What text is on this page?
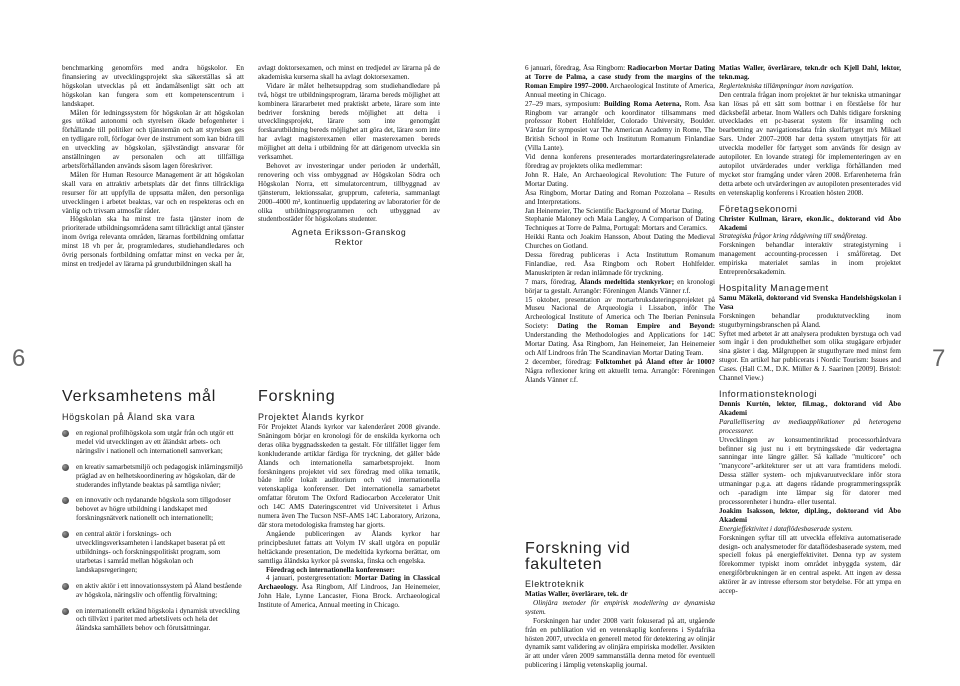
6	7

benchmarking genomförs med andra högskolor. En finansiering av utvecklingsprojekt ska säkerställas så att högskolan utvecklas på ett ändamålsenligt sätt och att högskolan kan fungera som ett kompetenscentrum i landskapet.

Målen för ledningssystem för högskolan är att högskolan ges utökad autonomi och styrelsen ökade befogenheter i förhållande till politiker och tjänstemän och att styrelsen ges en tydligare roll, förfogar över de instrument som kan bidra till en utveckling av högskolan, självständigt ansvarar för anställningen av personalen och att tillfälliga arbetsförhållanden används såsom lagen föreskriver.

Målen för Human Resource Management är att högskolan skall vara en attraktiv arbetsplats där det finns tillräckliga resurser för att uppfylla de uppsatta målen, den personliga utvecklingen i arbetet beaktas, var och en respekteras och en vänlig och trivsam atmosfär råder.

Högskolan ska ha minst tre fasta tjänster inom de prioriterade utbildningsområdena samt tillräckligt antal tjänster inom övriga relevanta områden, lärarnas fortbildning omfattar minst 18 vh per år, programledares, studiehandledares och övrig personals fortbildning omfattar minst en vecka per år, minst en tredjedel av lärarna på grundutbildningen skall ha

Verksamhetens mål
Högskolan på Åland ska vara
en regional profilhögskola som utgår från och utgör ett medel vid utvecklingen av ett åländskt arbets- och näringsliv i nationell och internationell samverkan;
en kreativ samarbetsmiljö och pedagogisk inlärningsmiljö präglad av en helhetskoordinering av högskolan, där de studerandes inflytande beaktas på samtliga nivåer;
en innovativ och nydanande högskola som tillgodoser behovet av högre utbildning i landskapet med forskningsnätverk nationellt och internationellt;
en central aktör i forsknings- och utvecklingsverksamheten i landskapet baserat på ett utbildnings- och forskningspolitiskt program, som utarbetas i samråd mellan högskolan och landskapsregeringen;
en aktiv aktör i ett innovationssystem på Åland bestående av högskola, näringsliv och offentlig förvaltning;
en internationellt erkänd högskola i dynamisk utveckling och tillväxt i paritet med arbetslivets och hela det åländska samhällets behov och förutsättningar.

avlagt doktorsexamen, och minst en tredjedel av lärarna på de akademiska kurserna skall ha avlagt doktorsexamen.

Vidare är målet helhetsuppdrag som studiehandledare på två, högst tre utbildningsprogram, lärarna bereds möjlighet att kombinera lärararbetet med praktiskt arbete, lärare som inte bedriver forskning bereds möjlighet att delta i utvecklingsprojekt, lärare som inte genomgått forskarutbildning bereds möjlighet att göra det, lärare som inte har avlagt magisterexamen eller masterexamen bereds möjlighet att delta i utbildning för att därigenom utveckla sin verksamhet.

Behovet av investeringar under perioden är underhåll, renovering och viss ombyggnad av Högskolan Södra och Högskolan Norra, ett simulatorcentrum, tillbyggnad av tjänsterum, lektionssalar, grupprum, cafeteria, sammanlagt 2000–4000 m², kontinuerlig uppdatering av laboratorier för de olika utbildningsprogrammen och utbyggnad av studentbostäder för högskolans studenter.

Agneta Eriksson-Granskog
Rektor
Forskning
Projektet Ålands kyrkor

För Projektet Ålands kyrkor var kalenderåret 2008 givande. Snäningom börjar en kronologi för de enskilda kyrkorna och deras olika byggnadsskeden ta gestalt. För tillfället ligger fem konkluderande artiklar färdiga för tryckning, det gäller både Ålands och internationella samarbetsprojekt. Inom forskningens projektet vid sex föredrag med olika tematik, både inför lokalt auditorium och vid internationella vetenskapliga konferenser. Det internationella samarbetet omfattar förutom The Oxford Radiocarbon Accelerator Unit och 14C AMS Dateringscentret vid Universitetet i Århus numera även The Tucson NSF-AMS 14C Laboratory, Arizona, där stora metodologiska framsteg har gjorts.

Angående publiceringen av Ålands kyrkor har principbeslutet fattats att Volym IV skall utgöra en populär heltäckande presentation, De medeltida kyrkorna berättar, om samtliga åländska kyrkor på svenska, finska och engelska.

Föredrag och internationella konferenser:

4 januari, postergresentation: Mortar Dating in Classical Archaeology. Åsa Ringbom, Alf Lindroos, Jan Heinemeier, John Hale, Lynne Lancaster, Fiona Brock. Archaeological Institute of America, Annual meeting in Chicago.

6 januari, föredrag, Åsa Ringbom: Radiocarbon Mortar Dating at Torre de Palma, a case study from the margins of the Roman Empire 1997–2000. Archaeological Institute of America, Annual meeting in Chicago.

27–29 mars, symposium: Building Roma Aeterna, Rom. Åsa Ringbom var arrangör och koordinator tillsammans med professor Robert Hohlfelder, Colorado University, Boulder. Värdar för symposiet var The American Academy in Rome, The British School in Rome och Institutum Romanum Finlandiae (Villa Lante).

Vid denna konferens presenterades mortardateringsrelaterade föredrag av projektets olika medlemmar:

John R. Hale, An Archaeological Revolution: The Future of Mortar Dating.

Åsa Ringbom, Mortar Dating and Roman Pozzolana – Results and Interpretations.

Jan Heinemeier, The Scientific Background of Mortar Dating.

Stephanie Maloney och Maia Langley, A Comparison of Dating Techniques at Torre de Palma, Portugal: Mortars and Ceramics.

Heikki Ranta och Joakim Hansson, About Dating the Medieval Churches on Gotland.

Dessa föredrag publiceras i Acta Instituttum Romanum Finlandiae, red. Åsa Ringbom och Robert Hohlfelder. Manuskripten är redan inlämnade för tryckning.

7 mars, föredrag, Ålands medeltida stenkyrkor; en kronologi börjar ta gestalt. Arrangör: Föreningen Ålands Vänner r.f.

15 oktober, presentation av mortarbruksdateringsprojektet på Museu Nacional de Arqueologia i Lissabon, inför The Archeological Institute of America och The Iberian Peninsula Society: Dating the Roman Empire and Beyond: Understanding the Methodologies and Applications for 14C Mortar Dating. Åsa Ringbom, Jan Heinemeier, Jan Heinemeier och Alf Lindroos från The Scandinavian Mortar Dating Team.

2 december, föredrag: Folktomhet på Åland efter år 1000? Några reflexioner kring ett aktuellt tema. Arrangör: Föreningen Ålands Vänner r.f.

Forskning vid fakulteten
Elektroteknik

Matias Waller, överlärare, tek. dr

Olinjära metoder för empirisk modellering av dynamiska system.

Forskningen har under 2008 varit fokuserad på att, utgående från en publikation vid en vetenskaplig konferens i Sydafrika hösten 2007, utveckla en generell metod för detektering av olinjär dynamik samt validering av olinjära empiriska modeller. Avsikten är att under våren 2009 sammanställa denna metod för eventuell publicering i lämplig vetenskaplig journal.

Matias Waller, överlärare, tekn.dr och Kjell Dahl, lektor, tekn.mag.

Reglertekniska tillämpningar inom navigation.

Den centrala frågan inom projektet är hur tekniska utmaningar kan lösas på ett sätt som bottnar i en förståelse för hur däcksbefäl arbetar. Inom Wallers och Dahls tidigare forskning utvecklades ett pc-baserat system för insamling och bearbetning av navigationsdata från skolfartyget m/s Mikael Sars. Under 2007–2008 har detta system utnyttjats för att utveckla modeller för fartyget som används för design av autopiloter. En lovande strategi för implementeringen av en autopilot utvärderades under verkliga förhållanden med mycket stor framgång under våren 2008. Erfarenheterna från detta arbete och utvärderingen av autopiloten presenterades vid en vetenskaplig konferens i Kroatien hösten 2008.

Företagsekonomi

Christer Kullman, lärare, ekon.lic., doktorand vid Åbo Akademi

Strategiska frågor kring rådgivning till småföretag.

Forskningen behandlar interaktiv strategistyrning i management accounting-processen i småföretag. Det empiriska materialet samlas in inom projektet Entreprenörsakademin.

Hospitality Management

Samu Mäkelä, doktorand vid Svenska Handelshögskolan i Vasa

Forskningen behandlar produktutveckling inom stugutbyrningsbranschen på Åland.

Syftet med arbetet är att analysera produkten byrstuga och vad som ingår i den produkthelhet som olika stugägare erbjuder sina gäster i dag. Målgruppen är stuguthyrare med minst fem stugor. En artikel har publicerats i Nordic Tourism: Issues and Cases. (Hall C.M., D.K. Müller & J. Saarinen [2009]. Bristol: Channel View.)

Informationsteknologi

Dennis Kurtén, lektor, fil.mag., doktorand vid Åbo Akademi

Parallellisering av mediaapplikationer på heterogena processorer.

Utvecklingen av konsumentinriktad processorhårdvara befinner sig just nu i ett brytningsskede där vedertagna sanningar inte längre gäller. Så kallade "multicore" och "manycore"-arkitekturer ser ut att vara framtidens melodi. Dessa ställer system- och mjukvaruutvecklare inför stora utmaningar p.g.a. att dagens rådande programmeringsspråk och -paradigm inte lämpar sig för datorer med processorenheter i hundra- eller tusental.

Joakim Isaksson, lektor, dipl.ing., doktorand vid Åbo Akademi

Energieffektivitet i dataflödesbaserade system.

Forskningen syftar till att utveckla effektiva automatiserade design- och analysmetoder för dataflödesbaserade system, med speciell fokus på energieffektivitet. Denna typ av system förekommer typiskt inom området inbyggda system, där energiförbrukningen är en central aspekt. Att ingen av dessa aktörer är av intresse eftersom stor betydelse. För att ympa en accep-
